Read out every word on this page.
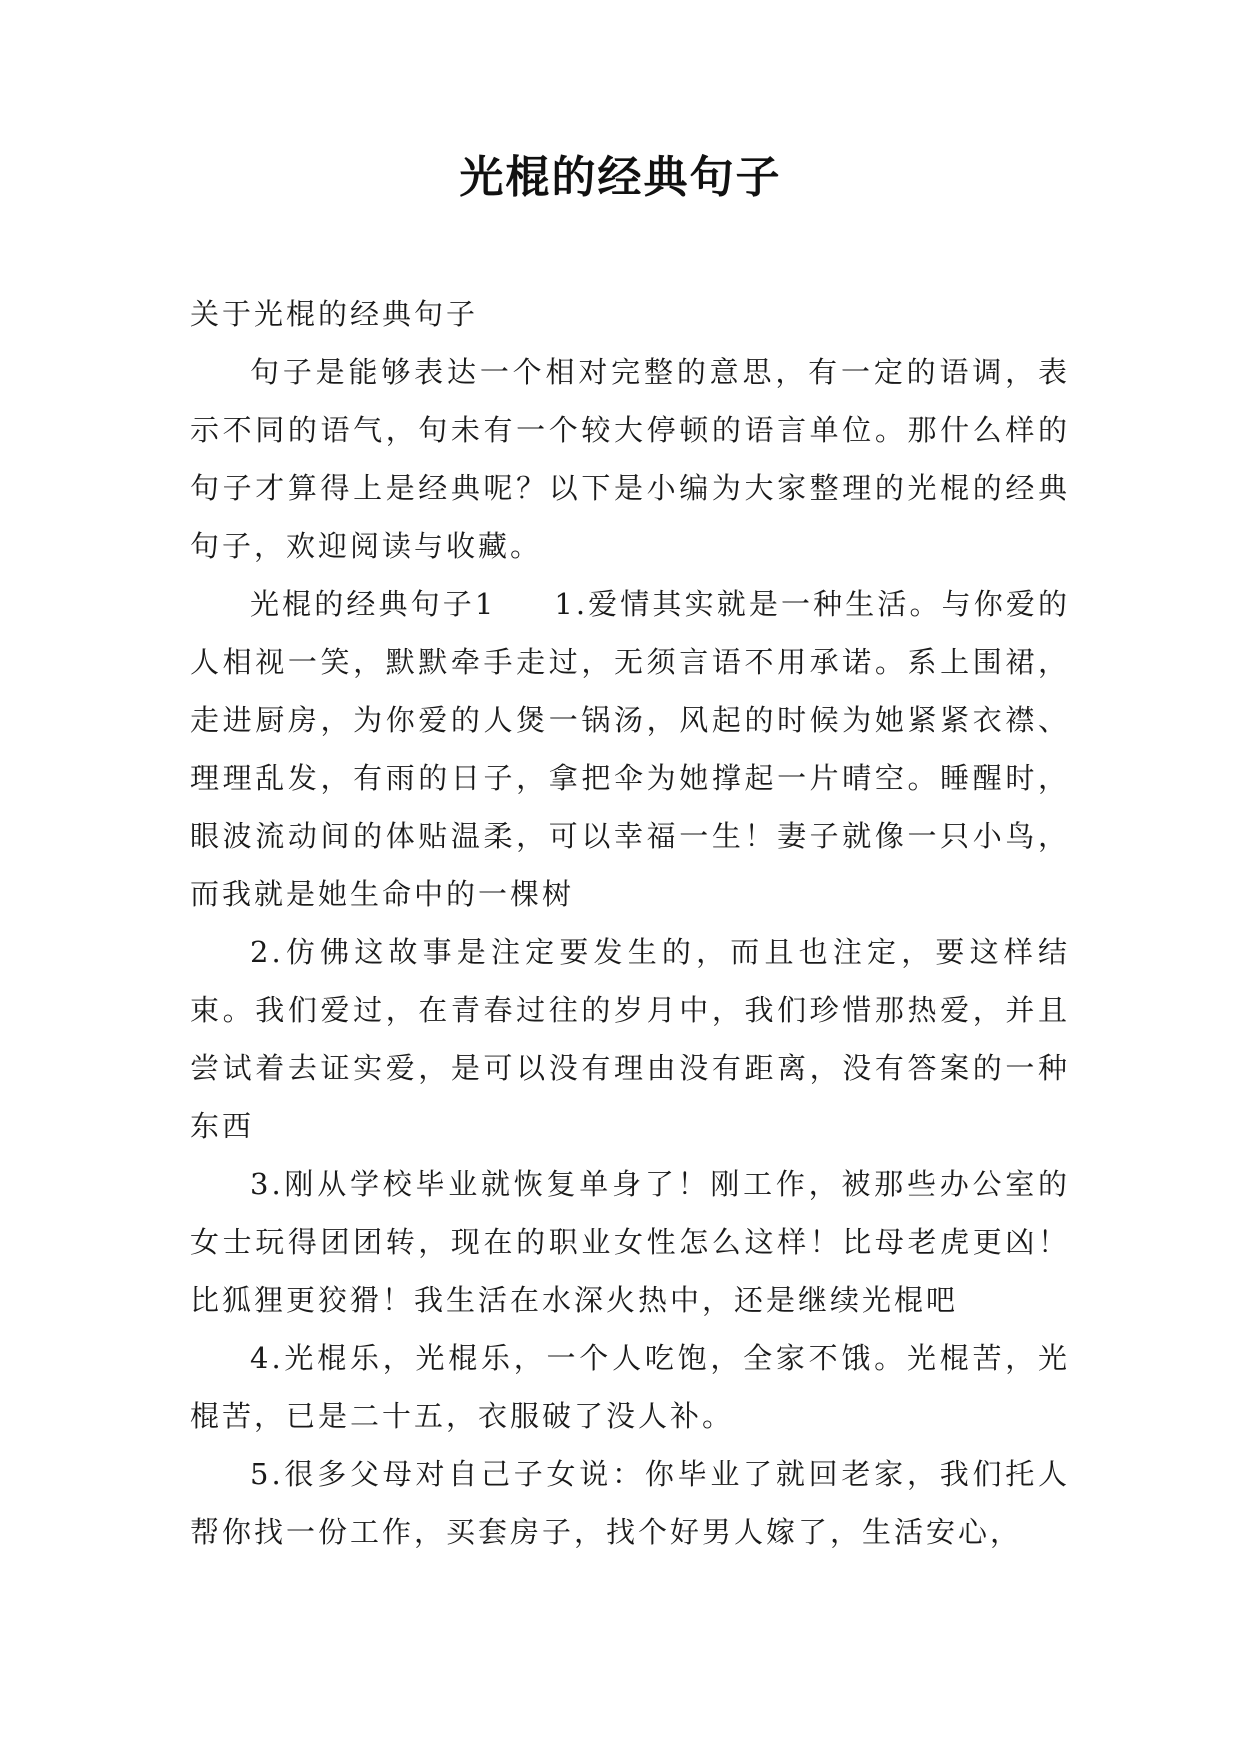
光棍的经典句子

关于光棍的经典句子

句子是能够表达一个相对完整的意思，有一定的语调，表示不同的语气，句未有一个较大停顿的语言单位。那什么样的句子才算得上是经典呢？以下是小编为大家整理的光棍的经典句子，欢迎阅读与收藏。

光棍的经典句子1 1.爱情其实就是一种生活。与你爱的人相视一笑，默默牵手走过，无须言语不用承诺。系上围裙，走进厨房，为你爱的人煲一锅汤，风起的时候为她紧紧衣襟、理理乱发，有雨的日子，拿把伞为她撑起一片晴空。睡醒时，眼波流动间的体贴温柔，可以幸福一生！妻子就像一只小鸟，而我就是她生命中的一棵树

2.仿佛这故事是注定要发生的，而且也注定，要这样结束。我们爱过，在青春过往的岁月中，我们珍惜那热爱，并且尝试着去证实爱，是可以没有理由没有距离，没有答案的一种东西

3.刚从学校毕业就恢复单身了！刚工作，被那些办公室的女士玩得团团转，现在的职业女性怎么这样！比母老虎更凶！比狐狸更狡猾！我生活在水深火热中，还是继续光棍吧

4.光棍乐，光棍乐，一个人吃饱，全家不饿。光棍苦，光棍苦，已是二十五，衣服破了没人补。

5.很多父母对自己子女说：你毕业了就回老家，我们托人帮你找一份工作，买套房子，找个好男人嫁了，生活安心，
